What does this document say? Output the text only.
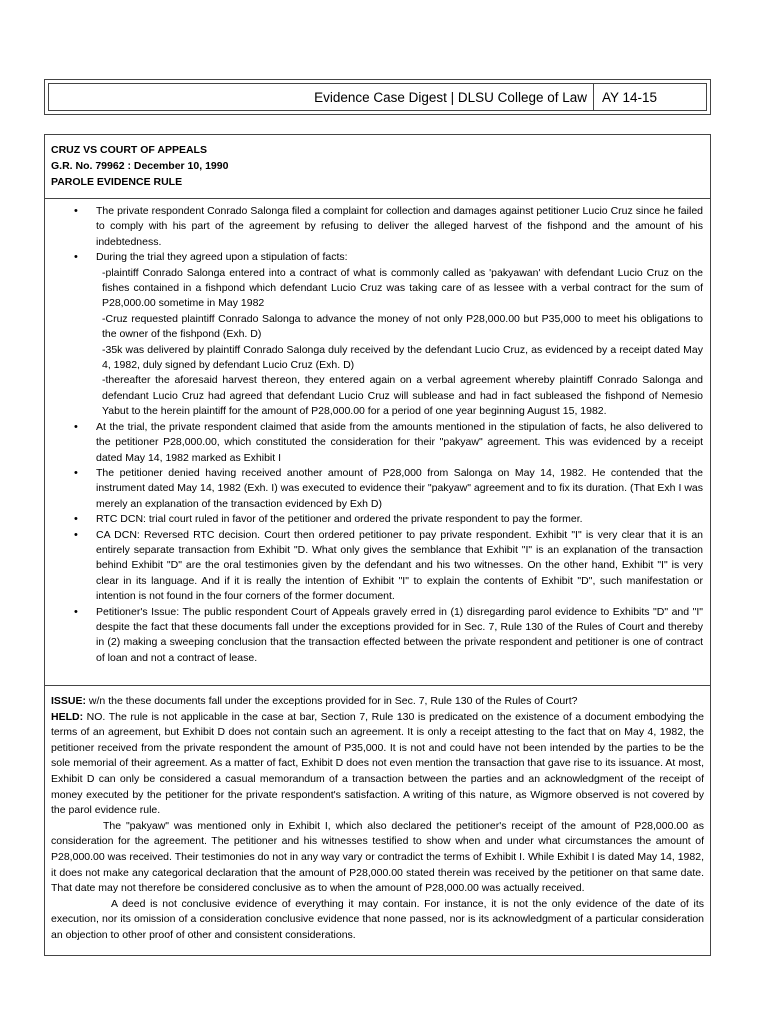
Evidence Case Digest | DLSU College of Law	AY 14-15
CRUZ VS COURT OF APPEALS
G.R. No. 79962 : December 10, 1990
PAROLE EVIDENCE RULE
• The private respondent Conrado Salonga filed a complaint for collection and damages against petitioner Lucio Cruz since he failed to comply with his part of the agreement by refusing to deliver the alleged harvest of the fishpond and the amount of his indebtedness.
• During the trial they agreed upon a stipulation of facts:
-plaintiff Conrado Salonga entered into a contract of what is commonly called as 'pakyawan' with defendant Lucio Cruz on the fishes contained in a fishpond which defendant Lucio Cruz was taking care of as lessee with a verbal contract for the sum of P28,000.00 sometime in May 1982
-Cruz requested plaintiff Conrado Salonga to advance the money of not only P28,000.00 but P35,000 to meet his obligations to the owner of the fishpond (Exh. D)
-35k was delivered by plaintiff Conrado Salonga duly received by the defendant Lucio Cruz, as evidenced by a receipt dated May 4, 1982, duly signed by defendant Lucio Cruz (Exh. D)
-thereafter the aforesaid harvest thereon, they entered again on a verbal agreement whereby plaintiff Conrado Salonga and defendant Lucio Cruz had agreed that defendant Lucio Cruz will sublease and had in fact subleased the fishpond of Nemesio Yabut to the herein plaintiff for the amount of P28,000.00 for a period of one year beginning August 15, 1982.
• At the trial, the private respondent claimed that aside from the amounts mentioned in the stipulation of facts, he also delivered to the petitioner P28,000.00, which constituted the consideration for their "pakyaw" agreement. This was evidenced by a receipt dated May 14, 1982 marked as Exhibit I
• The petitioner denied having received another amount of P28,000 from Salonga on May 14, 1982. He contended that the instrument dated May 14, 1982 (Exh. I) was executed to evidence their "pakyaw" agreement and to fix its duration. (That Exh I was merely an explanation of the transaction evidenced by Exh D)
• RTC DCN: trial court ruled in favor of the petitioner and ordered the private respondent to pay the former.
• CA DCN: Reversed RTC decision. Court then ordered petitioner to pay private respondent. Exhibit "I" is very clear that it is an entirely separate transaction from Exhibit "D. What only gives the semblance that Exhibit "I" is an explanation of the transaction behind Exhibit "D" are the oral testimonies given by the defendant and his two witnesses. On the other hand, Exhibit "I" is very clear in its language. And if it is really the intention of Exhibit "I" to explain the contents of Exhibit "D", such manifestation or intention is not found in the four corners of the former document.
• Petitioner's Issue: The public respondent Court of Appeals gravely erred in (1) disregarding parol evidence to Exhibits "D" and "I" despite the fact that these documents fall under the exceptions provided for in Sec. 7, Rule 130 of the Rules of Court and thereby in (2) making a sweeping conclusion that the transaction effected between the private respondent and petitioner is one of contract of loan and not a contract of lease.

ISSUE: w/n the these documents fall under the exceptions provided for in Sec. 7, Rule 130 of the Rules of Court?

HELD: NO. The rule is not applicable in the case at bar, Section 7, Rule 130 is predicated on the existence of a document embodying the terms of an agreement, but Exhibit D does not contain such an agreement. It is only a receipt attesting to the fact that on May 4, 1982, the petitioner received from the private respondent the amount of P35,000. It is not and could have not been intended by the parties to be the sole memorial of their agreement. As a matter of fact, Exhibit D does not even mention the transaction that gave rise to its issuance. At most, Exhibit D can only be considered a casual memorandum of a transaction between the parties and an acknowledgment of the receipt of money executed by the petitioner for the private respondent's satisfaction. A writing of this nature, as Wigmore observed is not covered by the parol evidence rule.

The "pakyaw" was mentioned only in Exhibit I, which also declared the petitioner's receipt of the amount of P28,000.00 as consideration for the agreement. The petitioner and his witnesses testified to show when and under what circumstances the amount of P28,000.00 was received. Their testimonies do not in any way vary or contradict the terms of Exhibit I. While Exhibit I is dated May 14, 1982, it does not make any categorical declaration that the amount of P28,000.00 stated therein was received by the petitioner on that same date. That date may not therefore be considered conclusive as to when the amount of P28,000.00 was actually received.

A deed is not conclusive evidence of everything it may contain. For instance, it is not the only evidence of the date of its execution, nor its omission of a consideration conclusive evidence that none passed, nor is its acknowledgment of a particular consideration an objection to other proof of other and consistent considerations.
